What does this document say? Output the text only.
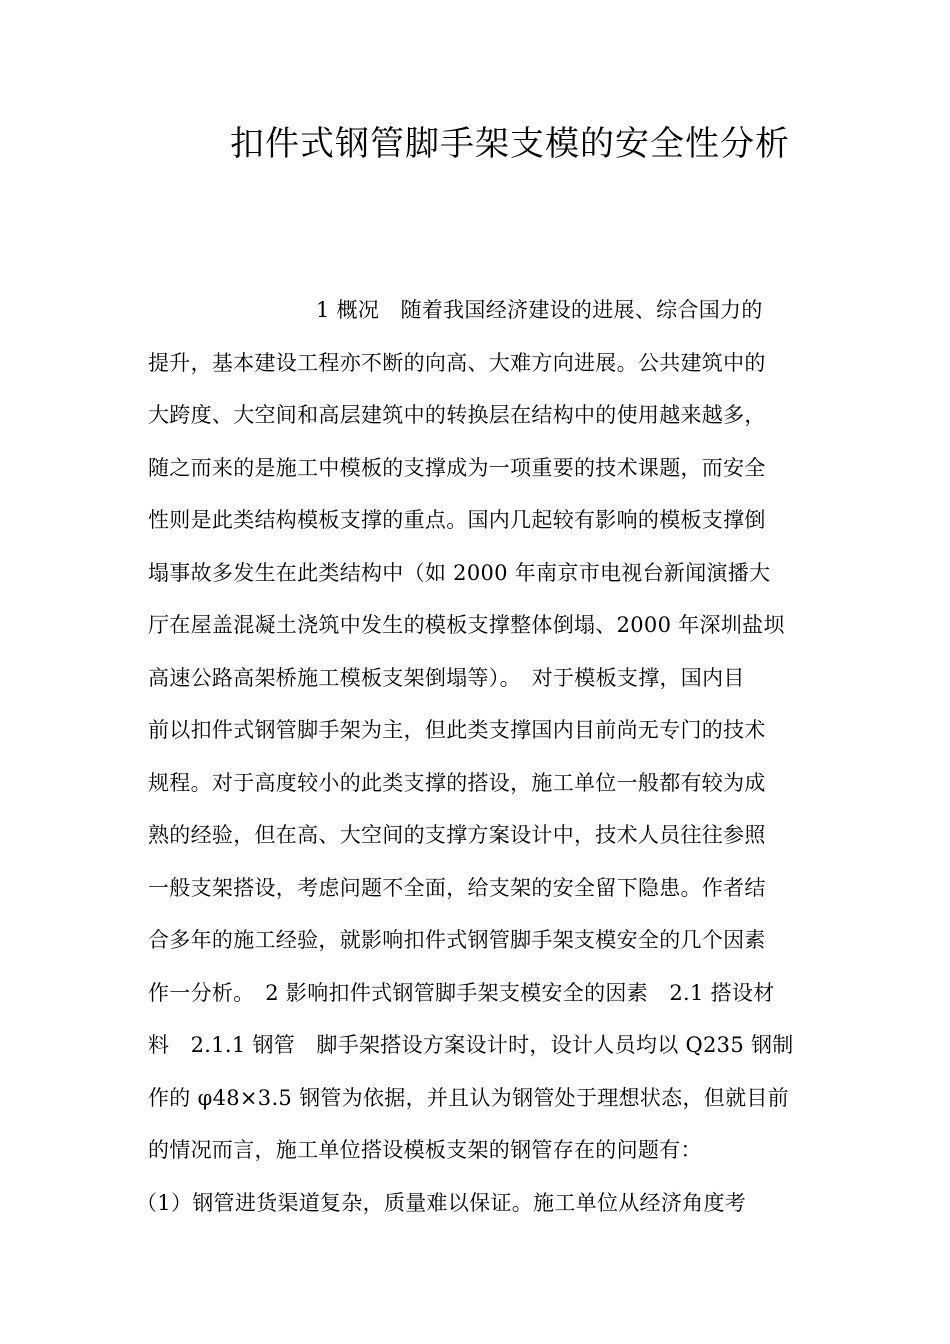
扣件式钢管脚手架支模的安全性分析
1 概况　随着我国经济建设的进展、综合国力的
提升，基本建设工程亦不断的向高、大难方向进展。公共建筑中的
大跨度、大空间和高层建筑中的转换层在结构中的使用越来越多，
随之而来的是施工中模板的支撑成为一项重要的技术课题，而安全
性则是此类结构模板支撑的重点。国内几起较有影响的模板支撑倒
塌事故多发生在此类结构中（如 2000 年南京市电视台新闻演播大
厅在屋盖混凝土浇筑中发生的模板支撑整体倒塌、2000 年深圳盐坝
高速公路高架桥施工模板支架倒塌等）。　对于模板支撑，国内目
前以扣件式钢管脚手架为主，但此类支撑国内目前尚无专门的技术
规程。对于高度较小的此类支撑的搭设，施工单位一般都有较为成
熟的经验，但在高、大空间的支撑方案设计中，技术人员往往参照
一般支架搭设，考虑问题不全面，给支架的安全留下隐患。作者结
合多年的施工经验，就影响扣件式钢管脚手架支模安全的几个因素
作一分析。　2 影响扣件式钢管脚手架支模安全的因素　2.1 搭设材
料　2.1.1 钢管　脚手架搭设方案设计时，设计人员均以 Q235 钢制
作的 φ48×3.5 钢管为依据，并且认为钢管处于理想状态，但就目前
的情况而言，施工单位搭设模板支架的钢管存在的问题有：
（1）钢管进货渠道复杂，质量难以保证。施工单位从经济角度考
